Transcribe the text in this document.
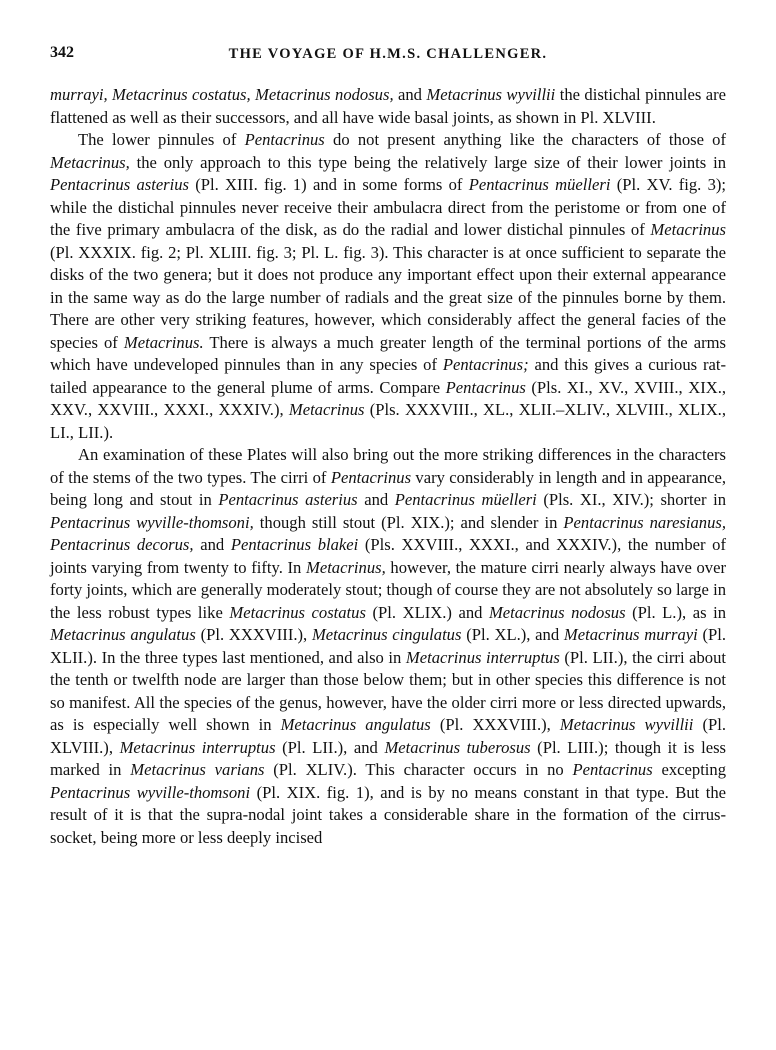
342	THE VOYAGE OF H.M.S. CHALLENGER.

murrayi, Metacrinus costatus, Metacrinus nodosus, and Metacrinus wyvillii the distichal pinnules are flattened as well as their successors, and all have wide basal joints, as shown in Pl. XLVIII.

The lower pinnules of Pentacrinus do not present anything like the characters of those of Metacrinus, the only approach to this type being the relatively large size of their lower joints in Pentacrinus asterius (Pl. XIII. fig. 1) and in some forms of Pentacrinus müelleri (Pl. XV. fig. 3); while the distichal pinnules never receive their ambulacra direct from the peristome or from one of the five primary ambulacra of the disk, as do the radial and lower distichal pinnules of Metacrinus (Pl. XXXIX. fig. 2; Pl. XLIII. fig. 3; Pl. L. fig. 3). This character is at once sufficient to separate the disks of the two genera; but it does not produce any important effect upon their external appearance in the same way as do the large number of radials and the great size of the pinnules borne by them. There are other very striking features, however, which considerably affect the general facies of the species of Metacrinus. There is always a much greater length of the terminal portions of the arms which have undeveloped pinnules than in any species of Pentacrinus; and this gives a curious rat-tailed appearance to the general plume of arms. Compare Pentacrinus (Pls. XI., XV., XVIII., XIX., XXV., XXVIII., XXXI., XXXIV.), Metacrinus (Pls. XXXVIII., XL., XLII.–XLIV., XLVIII., XLIX., LI., LII.).

An examination of these Plates will also bring out the more striking differences in the characters of the stems of the two types. The cirri of Pentacrinus vary considerably in length and in appearance, being long and stout in Pentacrinus asterius and Pentacrinus müelleri (Pls. XI., XIV.); shorter in Pentacrinus wyville-thomsoni, though still stout (Pl. XIX.); and slender in Pentacrinus naresianus, Pentacrinus decorus, and Pentacrinus blakei (Pls. XXVIII., XXXI., and XXXIV.), the number of joints varying from twenty to fifty. In Metacrinus, however, the mature cirri nearly always have over forty joints, which are generally moderately stout; though of course they are not absolutely so large in the less robust types like Metacrinus costatus (Pl. XLIX.) and Metacrinus nodosus (Pl. L.), as in Metacrinus angulatus (Pl. XXXVIII.), Metacrinus cingulatus (Pl. XL.), and Metacrinus murrayi (Pl. XLII.). In the three types last mentioned, and also in Metacrinus interruptus (Pl. LII.), the cirri about the tenth or twelfth node are larger than those below them; but in other species this difference is not so manifest. All the species of the genus, however, have the older cirri more or less directed upwards, as is especially well shown in Metacrinus angulatus (Pl. XXXVIII.), Metacrinus wyvillii (Pl. XLVIII.), Metacrinus interruptus (Pl. LII.), and Metacrinus tuberosus (Pl. LIII.); though it is less marked in Metacrinus varians (Pl. XLIV.). This character occurs in no Pentacrinus excepting Pentacrinus wyville-thomsoni (Pl. XIX. fig. 1), and is by no means constant in that type. But the result of it is that the supra-nodal joint takes a considerable share in the formation of the cirrus-socket, being more or less deeply incised
